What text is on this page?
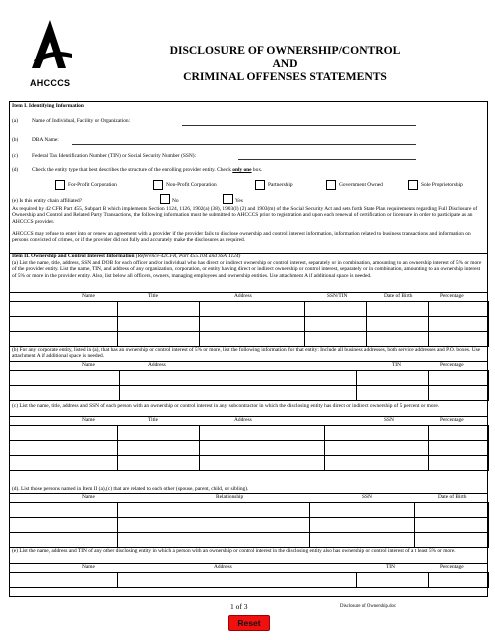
AHCCCS
DISCLOSURE OF OWNERSHIP/CONTROL
AND
CRIMINAL OFFENSES STATEMENTS
Item I. Identifying Information
(a)	Name of Individual, Facility or Organization:
(b)	DBA Name:
(c)	Federal Tax Identification Number (TIN) or Social Security Number (SSN):
(d)	Check the entity type that best describes the structure of the enrolling provider entity. Check only one box.
For-Profit Corporation	Non-Profit Corporation	Partnership	Government Owned	Sole Proprietorship
(e) Is this entity chain affiliated?	No	Yes
As required by 42 CFR Part 455, Subpart B which implements Section 1124, 1126, 1902(a) (38), 1903(I) (2) and 1903(m) of the Social Security Act and sets forth State Plan requirements regarding Full Disclosure of Ownership and Control and Related Party Transactions, the following information must be submitted to AHCCCS prior to registration and upon each renewal of certification or licensure in order to participate as an AHCCCS provider.
AHCCCS may refuse to enter into or renew an agreement with a provider if the provider fails to disclose ownership and control interest information, information related to business transactions and information on persons convicted of crimes, or if the provider did not fully and accurately make the disclosures as required.
Item II. Ownership and Control Interest Information (Reference-42CFR, Part 455.104 and SSA 1124)
(a) List the name, title, address, SSN and DOB for each officer and/or individual who has direct or indirect ownership or control interest, separately or in combination, amounting to an ownership interest of 5% or more of the provider entity. List the name, TIN, and address of any organization, corporation, or entity having direct or indirect ownership or control interest, separately or in combination, amounting to an ownership interest of 5% or more in the provider entity. Also, list below all officers, owners, managing employees and ownership entities. Use attachment A if additional space is needed.
Name	Title	Address	SSN/TIN	Date of Birth	Percentage

(b) For any corporate entity, listed in (a), that has an ownership or control interest of 5% or more, list the following information for that entity: Include all business addresses, both service addresses and P.O. boxes. Use attachment A if additional space is needed.
Name	Address	TIN	Percentage

(c) List the name, title, address and SSN of each person with an ownership or control interest in any subcontractor in which the disclosing entity has direct or indirect ownership of 5 percent or more.
Name	Title	Address	SSN	Percentage

(d). List those persons named in Item II (a),(c) that are related to each other (spouse, parent, child, or sibling).
Name	Relationship	SSN	Date of Birth

(e) List the name, address and TIN of any other disclosing entity in which a person with an ownership or control interest in the disclosing entity also has ownership or control interest of a t least 5% or more.
Name	Address	TIN	Percentage

1 of 3	Disclosure of Ownership.doc
Reset
